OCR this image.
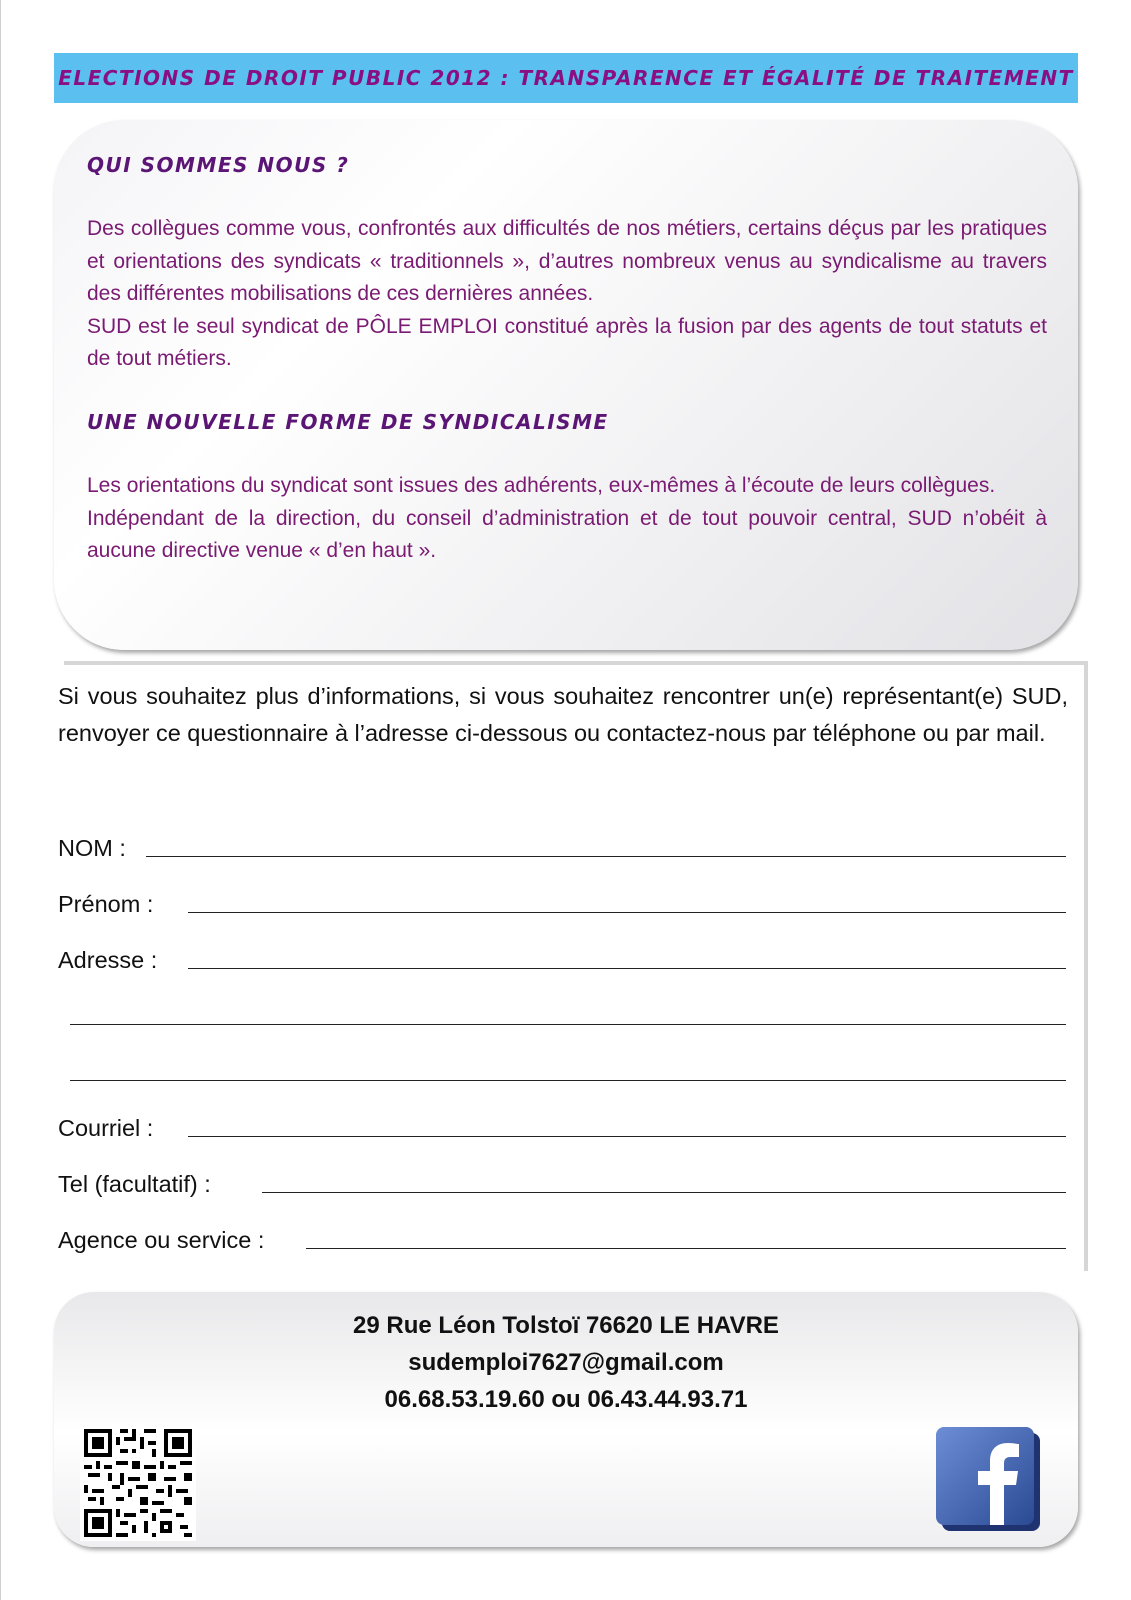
ELECTIONS DE DROIT PUBLIC 2012 : TRANSPARENCE ET ÉGALITÉ DE TRAITEMENT
QUI SOMMES NOUS ?

Des collègues comme vous, confrontés aux difficultés de nos métiers, certains déçus par les pratiques et orientations des syndicats « traditionnels », d’autres nombreux venus au syndicalisme au travers des différentes mobilisations de ces dernières années.

SUD est le seul syndicat de PÔLE EMPLOI constitué après la fusion par des agents de tout statuts et de tout métiers.

UNE NOUVELLE FORME DE SYNDICALISME

Les orientations du syndicat sont issues des adhérents, eux-mêmes à l’écoute de leurs collègues.

Indépendant de la direction, du conseil d’administration et de tout pouvoir central, SUD n’obéit à aucune directive venue « d’en haut ».

Si vous souhaitez plus d’informations, si vous souhaitez rencontrer un(e) représentant(e) SUD, renvoyer ce questionnaire à l’adresse ci-dessous ou contactez-nous par téléphone ou par mail.

NOM :
Prénom :
Adresse :
Courriel :
Tel (facultatif) :
Agence ou service :
29 Rue Léon Tolstoï 76620 LE HAVRE
sudemploi7627@gmail.com
06.68.53.19.60 ou 06.43.44.93.71
